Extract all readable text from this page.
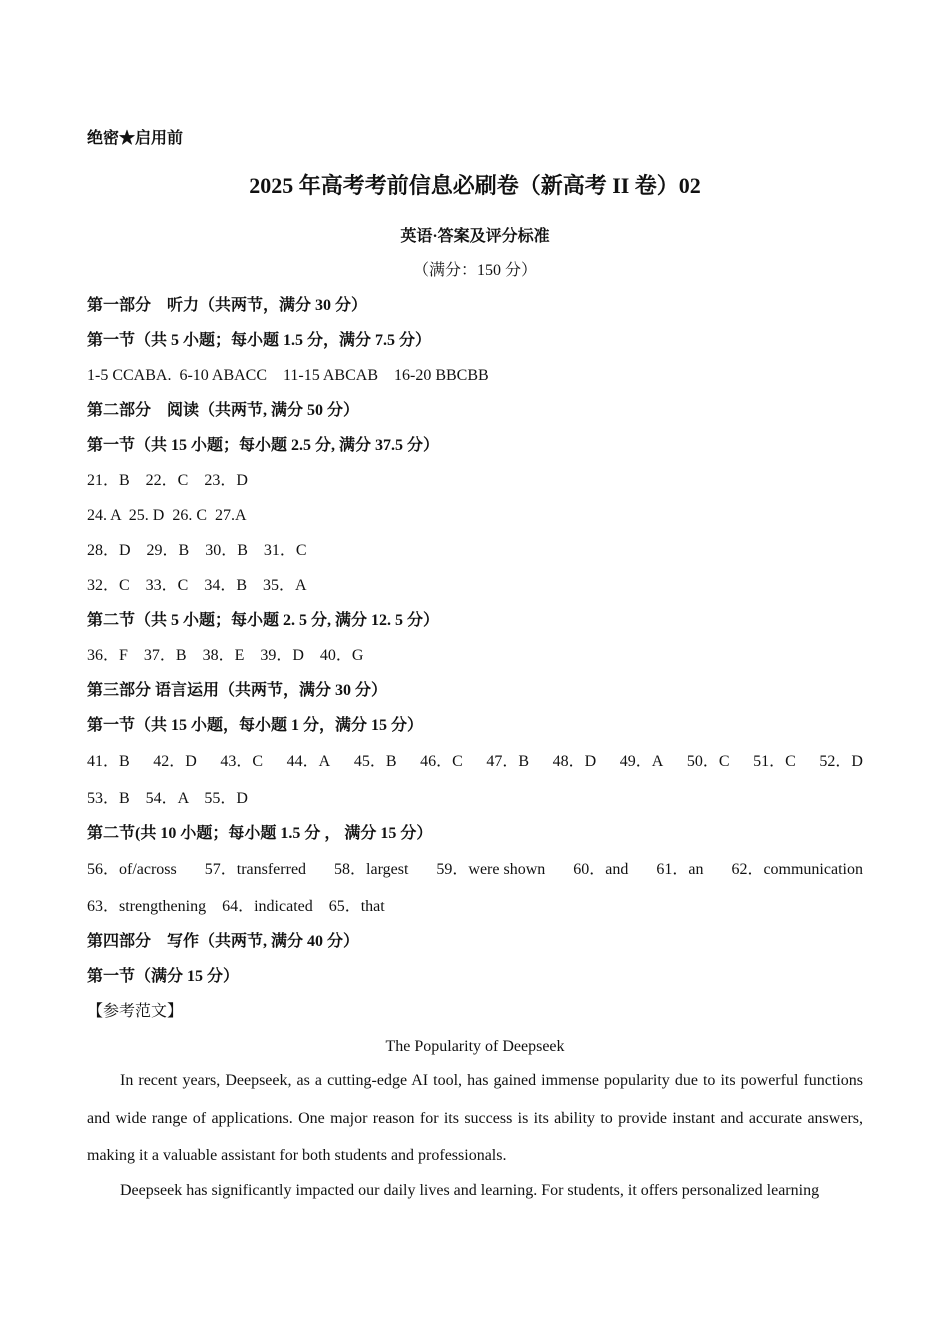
绝密★启用前
2025 年高考考前信息必刷卷（新高考 II 卷）02
英语·答案及评分标准
（满分：150 分）
第一部分　听力（共两节，满分 30 分）
第一节（共 5 小题；每小题 1.5 分，满分 7.5 分）
1-5 CCABA.  6-10 ABACC    11-15 ABCAB    16-20 BBCBB
第二部分　阅读（共两节, 满分 50 分）
第一节（共 15 小题；每小题 2.5 分, 满分 37.5 分）
21．B　22．C　23．D
24. A  25. D  26. C  27.A
28．D　29．B　30．B　31．C
32．C　33．C　34．B　35．A
第二节（共 5 小题；每小题 2. 5 分, 满分 12. 5 分）
36．F　37．B　38．E　39．D　40．G
第三部分 语言运用（共两节，满分 30 分）
第一节（共 15 小题，每小题 1 分，满分 15 分）
41．B 42．D 43．C 44．A 45．B 46．C 47．B 48．D 49．A 50．C 51．C 52．D
53．B　54．A　55．D
第二节(共 10 小题；每小题 1.5 分 ， 满分 15 分）
56．of/across 57．transferred 58．largest 59．were shown 60．and 61．an 62．communication
63．strengthening　64．indicated　65．that
第四部分　写作（共两节, 满分 40 分）
第一节（满分 15 分）
【参考范文】
The Popularity of Deepseek
In recent years, Deepseek, as a cutting-edge AI tool, has gained immense popularity due to its powerful functions and wide range of applications. One major reason for its success is its ability to provide instant and accurate answers, making it a valuable assistant for both students and professionals.
Deepseek has significantly impacted our daily lives and learning. For students, it offers personalized learning
